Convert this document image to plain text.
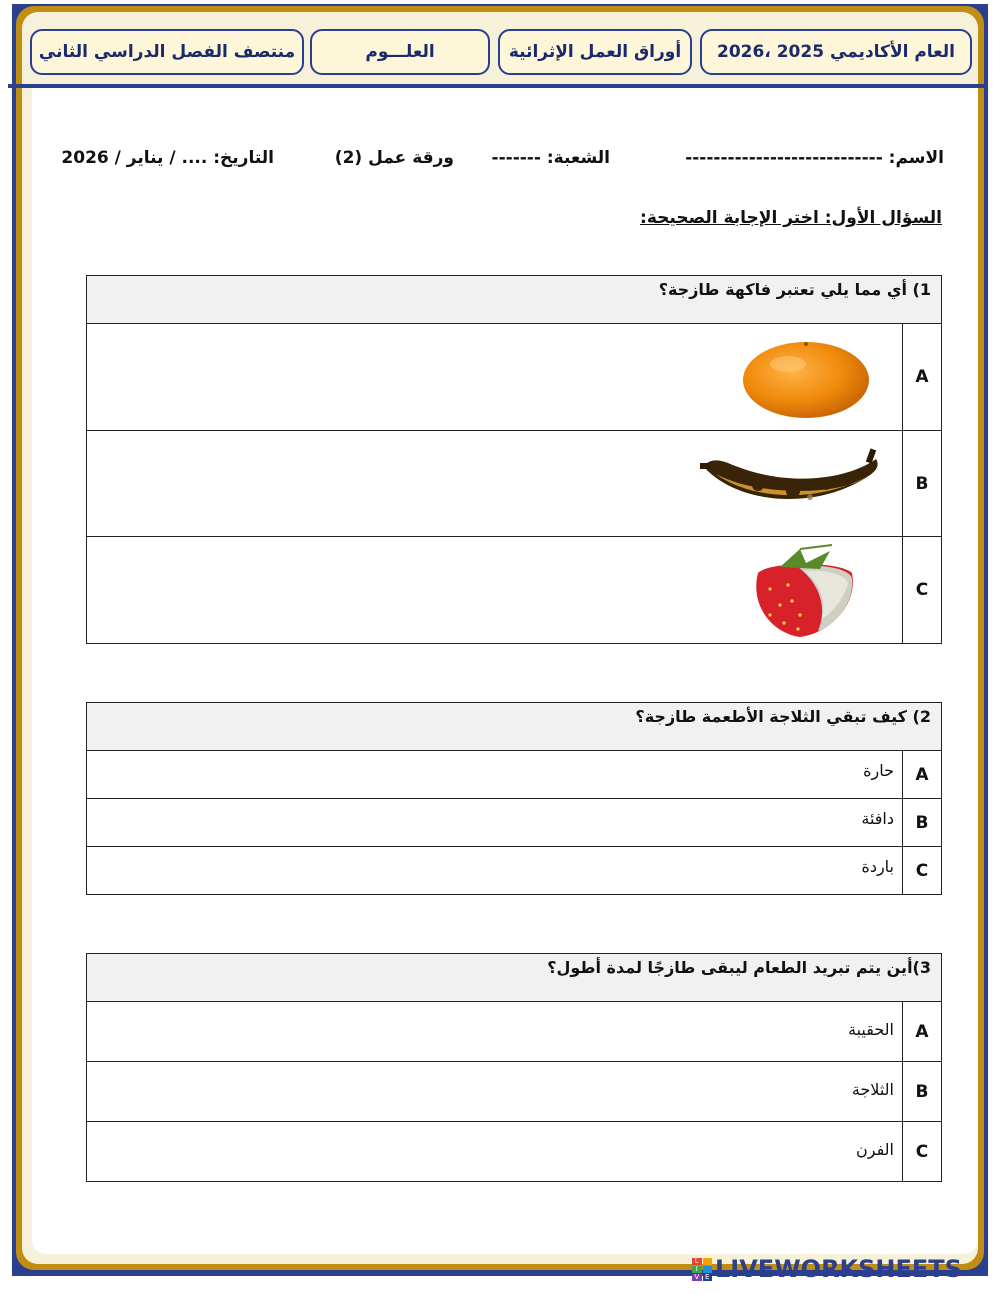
العام الأكاديمي 2025 ،2026
أوراق العمل الإثرائية
العلـــوم
منتصف الفصل الدراسي الثاني
الاسم: ----------------------------
الشعبة: -------
ورقة عمل (2)
التاريخ: .... / يناير / 2026
السؤال الأول: اختر الإجابة الصحيحة:
1) أي مما يلي تعتبر فاكهة طازجة؟	
A	

B	

C	
2) كيف تبقي الثلاجة الأطعمة طازجة؟	
A	حارة
B	دافئة
C	باردة
3)أين يتم تبريد الطعام ليبقى طازجًا لمدة أطول؟	
A	الحقيبة
B	الثلاجة
C	الفرن
L
I
V E LIVEWORKSHEETS
